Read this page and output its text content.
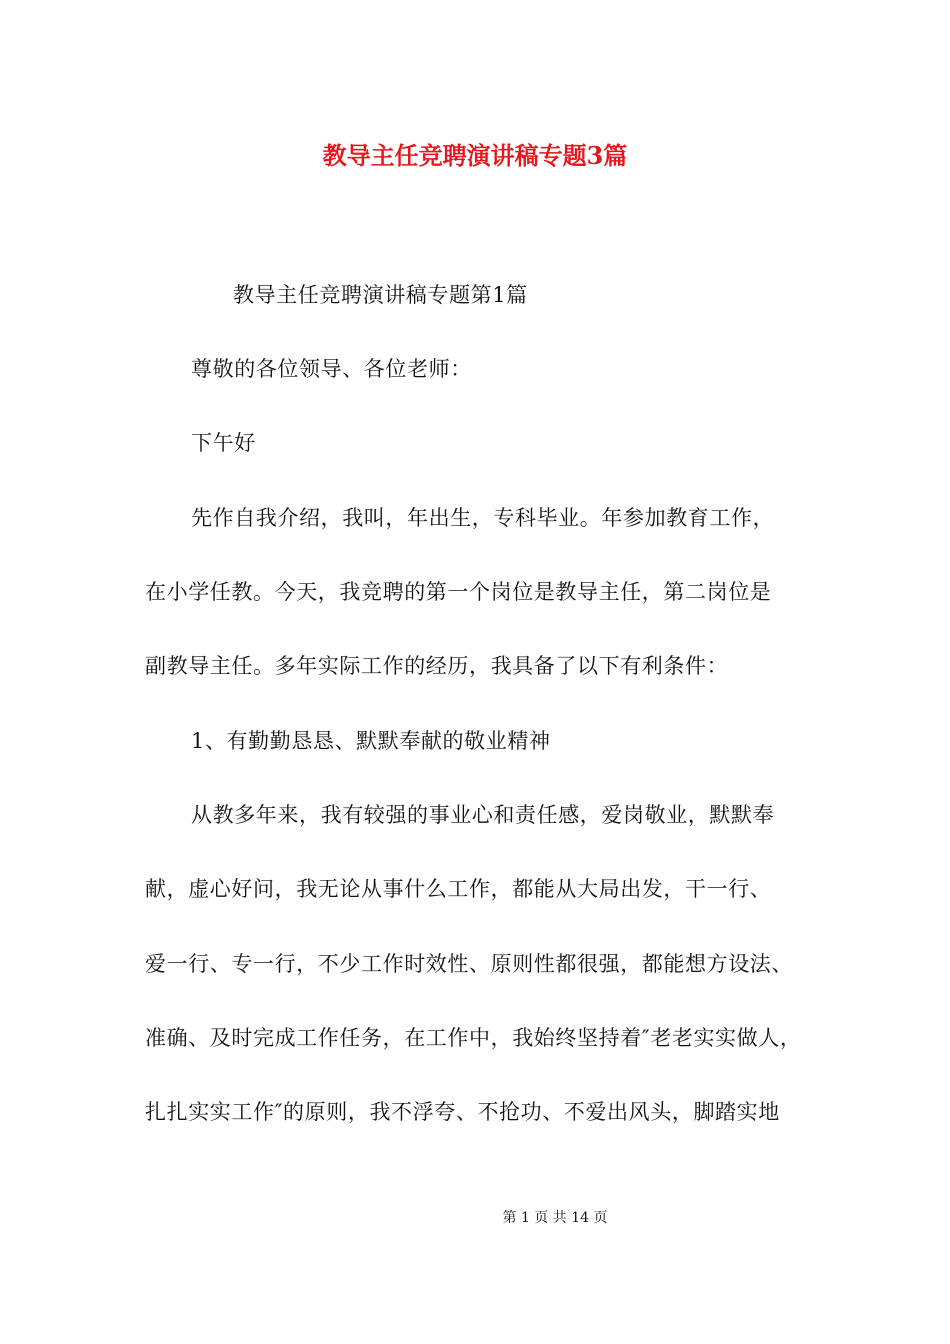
教导主任竞聘演讲稿专题3篇
教导主任竞聘演讲稿专题第1篇
尊敬的各位领导、各位老师：
下午好
先作自我介绍，我叫，年出生，专科毕业。年参加教育工作，
在小学任教。今天，我竞聘的第一个岗位是教导主任，第二岗位是
副教导主任。多年实际工作的经历，我具备了以下有利条件：
1、有勤勤恳恳、默默奉献的敬业精神
从教多年来，我有较强的事业心和责任感，爱岗敬业，默默奉
献，虚心好问，我无论从事什么工作，都能从大局出发，干一行、
爱一行、专一行，不少工作时效性、原则性都很强，都能想方设法、
准确、及时完成工作任务，在工作中，我始终坚持着″老老实实做人，
扎扎实实工作″的原则，我不浮夸、不抢功、不爱出风头，脚踏实地
第 1 页 共 14 页
